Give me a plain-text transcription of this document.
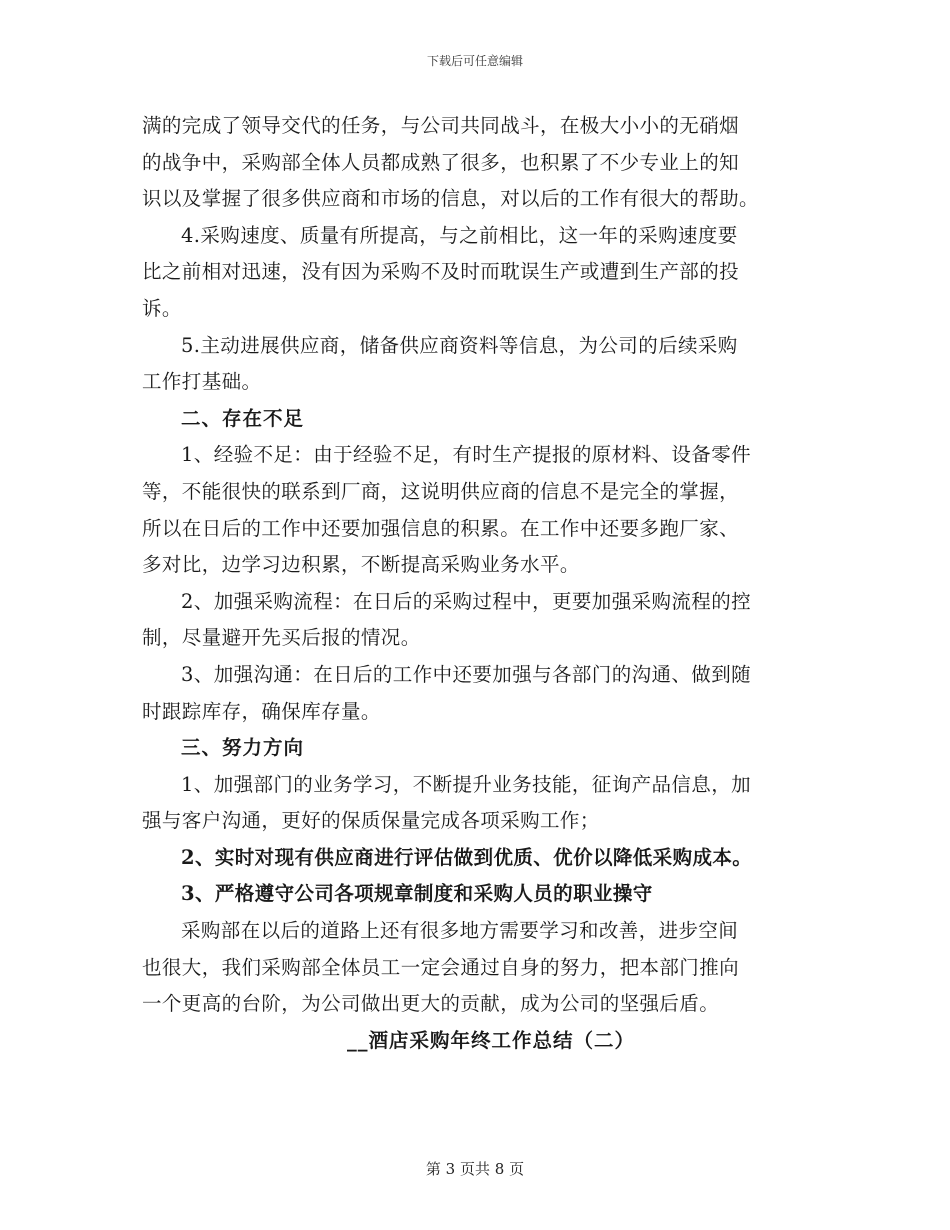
下载后可任意编辑

满的完成了领导交代的任务，与公司共同战斗，在极大小小的无硝烟

的战争中，采购部全体人员都成熟了很多，也积累了不少专业上的知

识以及掌握了很多供应商和市场的信息，对以后的工作有很大的帮助。

4.采购速度、质量有所提高，与之前相比，这一年的采购速度要

比之前相对迅速，没有因为采购不及时而耽误生产或遭到生产部的投

诉。

5.主动进展供应商，储备供应商资料等信息，为公司的后续采购

工作打基础。

二、存在不足

1、经验不足：由于经验不足，有时生产提报的原材料、设备零件

等，不能很快的联系到厂商，这说明供应商的信息不是完全的掌握，

所以在日后的工作中还要加强信息的积累。在工作中还要多跑厂家、

多对比，边学习边积累，不断提高采购业务水平。

2、加强采购流程：在日后的采购过程中，更要加强采购流程的控

制，尽量避开先买后报的情况。

3、加强沟通：在日后的工作中还要加强与各部门的沟通、做到随

时跟踪库存，确保库存量。

三、努力方向

1、加强部门的业务学习，不断提升业务技能，征询产品信息，加

强与客户沟通，更好的保质保量完成各项采购工作；

2、实时对现有供应商进行评估做到优质、优价以降低采购成本。

3、严格遵守公司各项规章制度和采购人员的职业操守

采购部在以后的道路上还有很多地方需要学习和改善，进步空间

也很大，我们采购部全体员工一定会通过自身的努力，把本部门推向

一个更高的台阶，为公司做出更大的贡献，成为公司的坚强后盾。

__酒店采购年终工作总结（二）

第 3 页共 8 页
